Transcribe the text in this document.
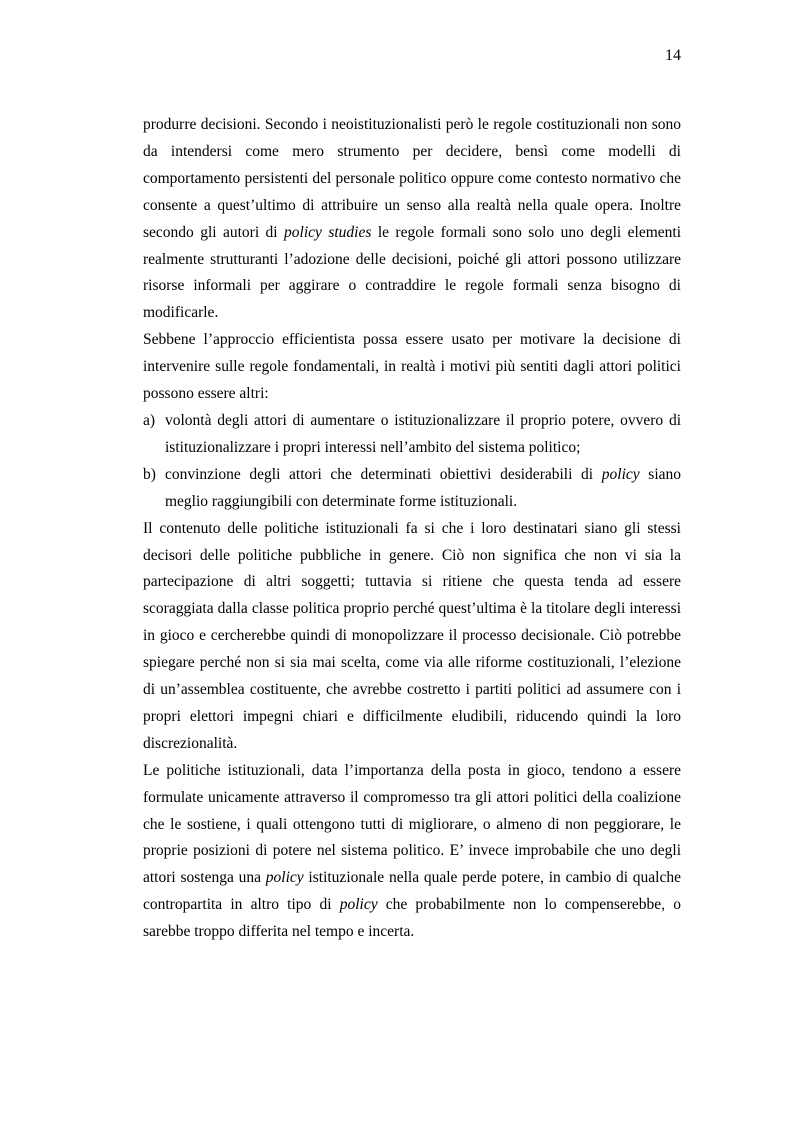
14

produrre decisioni. Secondo i neoistituzionalisti però le regole costituzionali non sono da intendersi come mero strumento per decidere, bensì come modelli di comportamento persistenti del personale politico oppure come contesto normativo che consente a quest’ultimo di attribuire un senso alla realtà nella quale opera. Inoltre secondo gli autori di policy studies le regole formali sono solo uno degli elementi realmente strutturanti l’adozione delle decisioni, poiché gli attori possono utilizzare risorse informali per aggirare o contraddire le regole formali senza bisogno di modificarle.

Sebbene l’approccio efficientista possa essere usato per motivare la decisione di intervenire sulle regole fondamentali, in realtà i motivi più sentiti dagli attori politici possono essere altri:

a) volontà degli attori di aumentare o istituzionalizzare il proprio potere, ovvero di istituzionalizzare i propri interessi nell’ambito del sistema politico;
b) convinzione degli attori che determinati obiettivi desiderabili di policy siano meglio raggiungibili con determinate forme istituzionali.

Il contenuto delle politiche istituzionali fa si che i loro destinatari siano gli stessi decisori delle politiche pubbliche in genere. Ciò non significa che non vi sia la partecipazione di altri soggetti; tuttavia si ritiene che questa tenda ad essere scoraggiata dalla classe politica proprio perché quest’ultima è la titolare degli interessi in gioco e cercherebbe quindi di monopolizzare il processo decisionale. Ciò potrebbe spiegare perché non si sia mai scelta, come via alle riforme costituzionali, l’elezione di un’assemblea costituente, che avrebbe costretto i partiti politici ad assumere con i propri elettori impegni chiari e difficilmente eludibili, riducendo quindi la loro discrezionalità.

Le politiche istituzionali, data l’importanza della posta in gioco, tendono a essere formulate unicamente attraverso il compromesso tra gli attori politici della coalizione che le sostiene, i quali ottengono tutti di migliorare, o almeno di non peggiorare, le proprie posizioni di potere nel sistema politico. E’ invece improbabile che uno degli attori sostenga una policy istituzionale nella quale perde potere, in cambio di qualche contropartita in altro tipo di policy che probabilmente non lo compenserebbe, o sarebbe troppo differita nel tempo e incerta.
